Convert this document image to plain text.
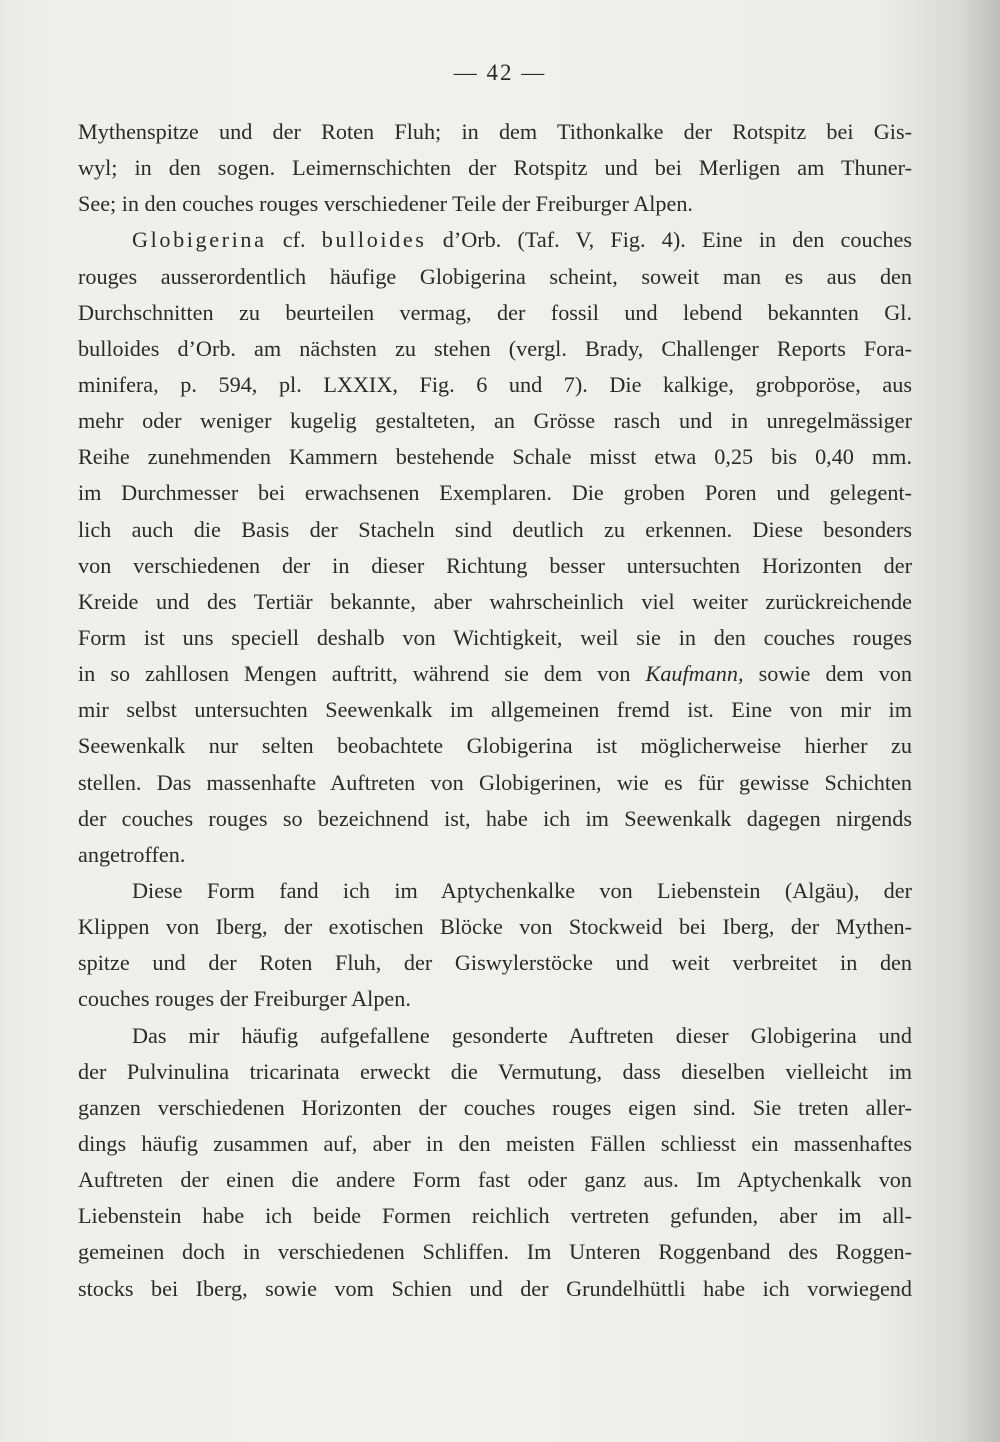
— 42 —
Mythenspitze und der Roten Fluh; in dem Tithonkalke der Rotspitz bei Gis-
wyl; in den sogen. Leimernschichten der Rotspitz und bei Merligen am Thuner-
See; in den couches rouges verschiedener Teile der Freiburger Alpen.
Globigerina cf. bulloides d’Orb. (Taf. V, Fig. 4). Eine in den couches
rouges ausserordentlich häufige Globigerina scheint, soweit man es aus den
Durchschnitten zu beurteilen vermag, der fossil und lebend bekannten Gl.
bulloides d’Orb. am nächsten zu stehen (vergl. Brady, Challenger Reports Fora-
minifera, p. 594, pl. LXXIX, Fig. 6 und 7). Die kalkige, grobporöse, aus
mehr oder weniger kugelig gestalteten, an Grösse rasch und in unregelmässiger
Reihe zunehmenden Kammern bestehende Schale misst etwa 0,25 bis 0,40 mm.
im Durchmesser bei erwachsenen Exemplaren. Die groben Poren und gelegent-
lich auch die Basis der Stacheln sind deutlich zu erkennen. Diese besonders
von verschiedenen der in dieser Richtung besser untersuchten Horizonten der
Kreide und des Tertiär bekannte, aber wahrscheinlich viel weiter zurückreichende
Form ist uns speciell deshalb von Wichtigkeit, weil sie in den couches rouges
in so zahllosen Mengen auftritt, während sie dem von Kaufmann, sowie dem von
mir selbst untersuchten Seewenkalk im allgemeinen fremd ist. Eine von mir im
Seewenkalk nur selten beobachtete Globigerina ist möglicherweise hierher zu
stellen. Das massenhafte Auftreten von Globigerinen, wie es für gewisse Schichten
der couches rouges so bezeichnend ist, habe ich im Seewenkalk dagegen nirgends
angetroffen.
Diese Form fand ich im Aptychenkalke von Liebenstein (Algäu), der
Klippen von Iberg, der exotischen Blöcke von Stockweid bei Iberg, der Mythen-
spitze und der Roten Fluh, der Giswylerstöcke und weit verbreitet in den
couches rouges der Freiburger Alpen.
Das mir häufig aufgefallene gesonderte Auftreten dieser Globigerina und
der Pulvinulina tricarinata erweckt die Vermutung, dass dieselben vielleicht im
ganzen verschiedenen Horizonten der couches rouges eigen sind. Sie treten aller-
dings häufig zusammen auf, aber in den meisten Fällen schliesst ein massenhaftes
Auftreten der einen die andere Form fast oder ganz aus. Im Aptychenkalk von
Liebenstein habe ich beide Formen reichlich vertreten gefunden, aber im all-
gemeinen doch in verschiedenen Schliffen. Im Unteren Roggenband des Roggen-
stocks bei Iberg, sowie vom Schien und der Grundelhüttli habe ich vorwiegend
